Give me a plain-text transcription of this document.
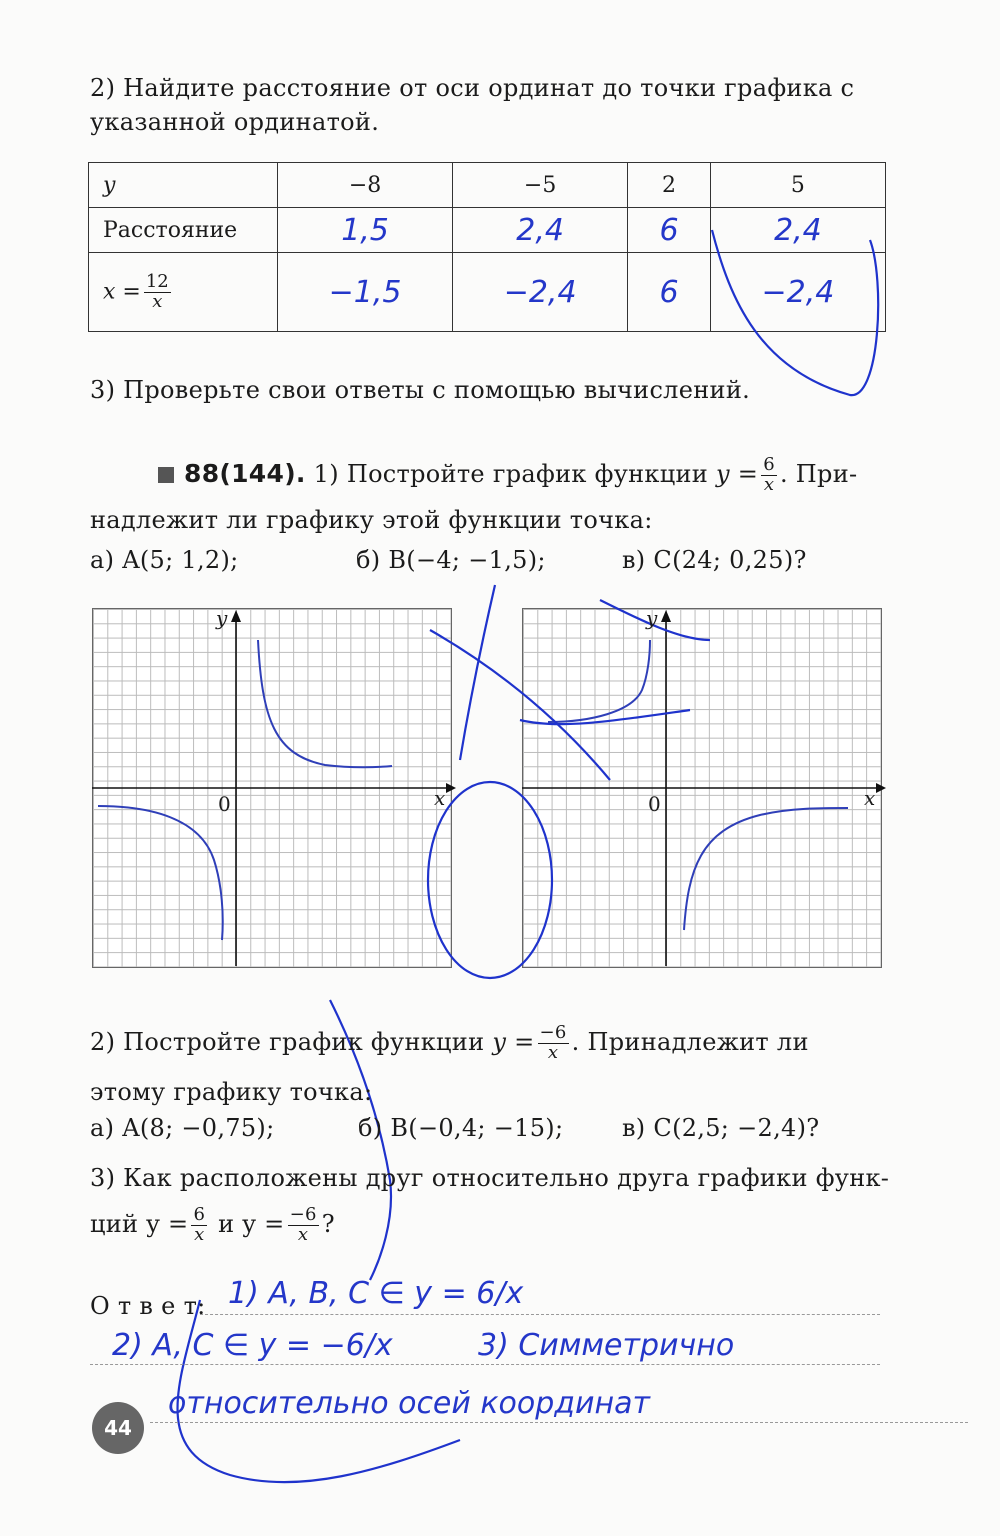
2) Найдите расстояние от оси ординат до точки графика с
указанной ординатой.
y	−8	−5	2	5
Расстояние	1,5	2,4	6	2,4
$x = \frac{12}{x}$	−1,5	−2,4	6	−2,4
3) Проверьте свои ответы с помощью вычислений.
88(144). 1) Постройте график функции $y = \frac{6}{x}$ . При-
надлежит ли графику этой функции точка:
а) A(5; 1,2);	б) B(−4; −1,5);	в) C(24; 0,25)?
y
x
0
y
x
0
2) Постройте график функции $y = \frac{-6}{x}$ . Принадлежит ли
этому графику точка:
а) A(8; −0,75);	б) B(−0,4; −15); в) C(2,5; −2,4)?
3) Как расположены друг относительно друга графики функ-
ций $y = \frac{6}{x}$ и $y = \frac{-6}{x}$ ?
О т в е т: 1) A, B, C ∈ y = 6/x
2) A, C ∈ y = −6/x	3) Симметрично
относительно осей координат
44
